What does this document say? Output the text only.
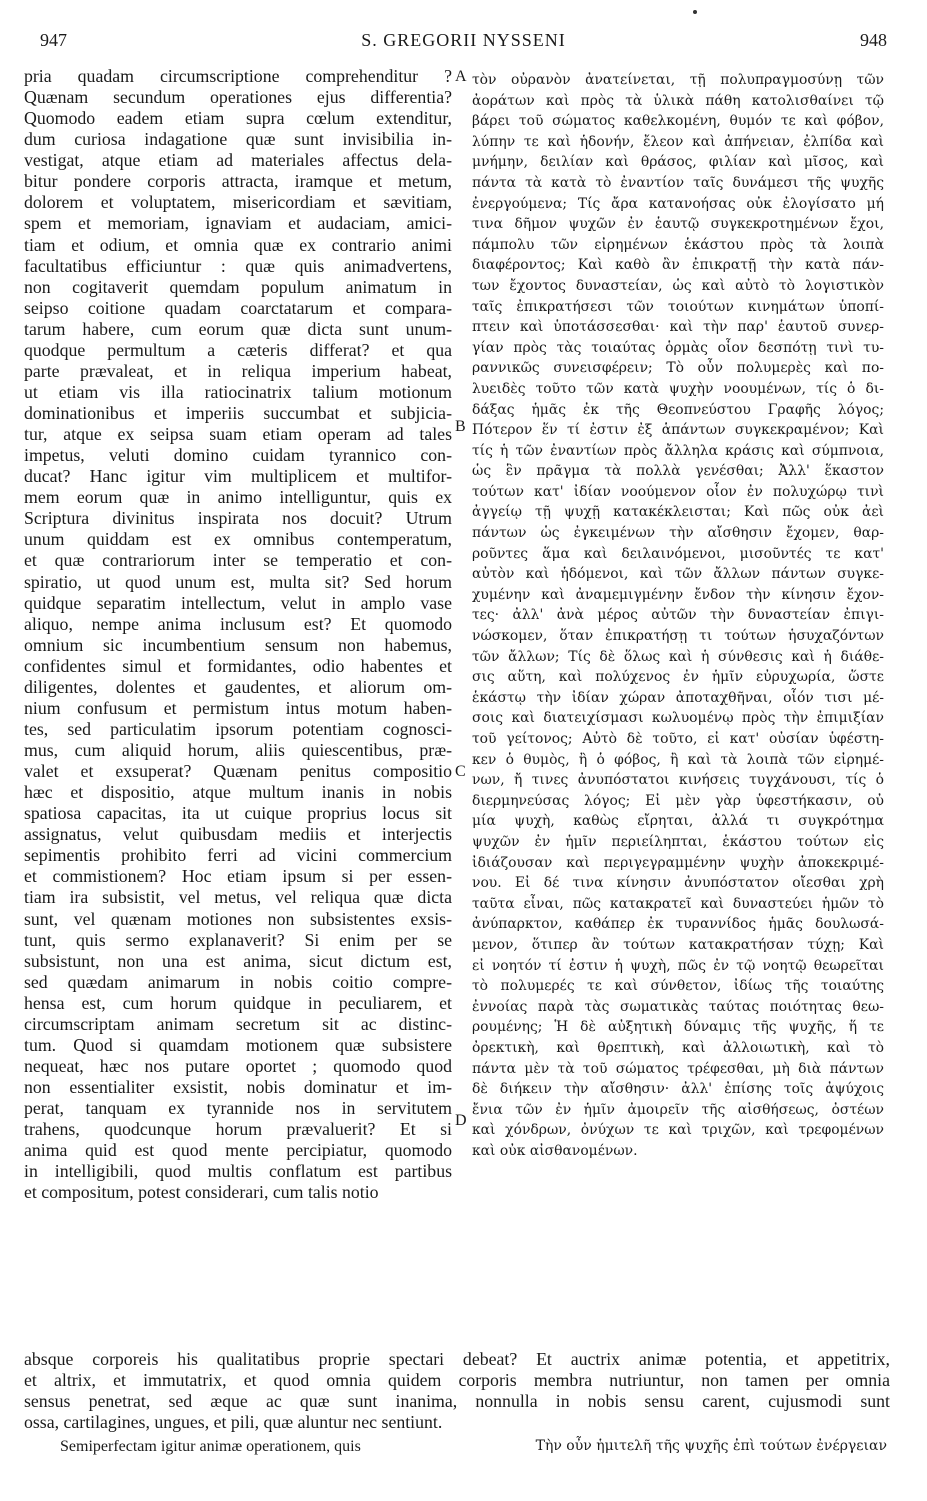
947	S. GREGORII NYSSENI	948
pria quadam circumscriptione comprehenditur ?
Quænam secundum operationes ejus differentia?
Quomodo eadem etiam supra cœlum extenditur,
dum curiosa indagatione quæ sunt invisibilia in-
vestigat, atque etiam ad materiales affectus dela-
bitur pondere corporis attracta, iramque et metum,
dolorem et voluptatem, misericordiam et sævitiam,
spem et memoriam, ignaviam et audaciam, amici-
tiam et odium, et omnia quæ ex contrario animi
facultatibus efficiuntur : quæ quis animadvertens,
non cogitaverit quemdam populum animatum in
seipso coitione quadam coarctatarum et compara-
tarum habere, cum eorum quæ dicta sunt unum-
quodque permultum a cæteris differat? et qua
parte prævaleat, et in reliqua imperium habeat,
ut etiam vis illa ratiocinatrix talium motionum
dominationibus et imperiis succumbat et subjicia-
tur, atque ex seipsa suam etiam operam ad tales
impetus, veluti domino cuidam tyrannico con-
ducat? Hanc igitur vim multiplicem et multifor-
mem eorum quæ in animo intelliguntur, quis ex
Scriptura divinitus inspirata nos docuit? Utrum
unum quiddam est ex omnibus contemperatum,
et quæ contrariorum inter se temperatio et con-
spiratio, ut quod unum est, multa sit? Sed horum
quidque separatim intellectum, velut in amplo vase
aliquo, nempe anima inclusum est? Et quomodo
omnium sic incumbentium sensum non habemus,
confidentes simul et formidantes, odio habentes et
diligentes, dolentes et gaudentes, et aliorum om-
nium confusum et permistum intus motum haben-
tes, sed particulatim ipsorum potentiam cognosci-
mus, cum aliquid horum, aliis quiescentibus, præ-
valet et exsuperat? Quænam penitus compositio
hæc et dispositio, atque multum inanis in nobis
spatiosa capacitas, ita ut cuique proprius locus sit
assignatus, velut quibusdam mediis et interjectis
sepimentis prohibito ferri ad vicini commercium
et commistionem? Hoc etiam ipsum si per essen-
tiam ira subsistit, vel metus, vel reliqua quæ dicta
sunt, vel quænam motiones non subsistentes exsis-
tunt, quis sermo explanaverit? Si enim per se
subsistunt, non una est anima, sicut dictum est,
sed quædam animarum in nobis coitio compre-
hensa est, cum horum quidque in peculiarem, et
circumscriptam animam secretum sit ac distinc-
tum. Quod si quamdam motionem quæ subsistere
nequeat, hæc nos putare oportet ; quomodo quod
non essentialiter exsistit, nobis dominatur et im-
perat, tanquam ex tyrannide nos in servitutem
trahens, quodcunque horum prævaluerit? Et si
anima quid est quod mente percipiatur, quomodo
in intelligibili, quod multis conflatum est partibus
et compositum, potest considerari, cum talis notio
τὸν οὐρανὸν ἀνατείνεται, τῇ πολυπραγμοσύνῃ τῶν
ἀοράτων καὶ πρὸς τὰ ὑλικὰ πάθη κατολισθαίνει τῷ
βάρει τοῦ σώματος καθελκομένη, θυμόν τε καὶ φόβον,
λύπην τε καὶ ἡδονήν, ἔλεον καὶ ἀπήνειαν, ἐλπίδα καὶ
μνήμην, δειλίαν καὶ θράσος, φιλίαν καὶ μῖσος, καὶ
πάντα τὰ κατὰ τὸ ἐναντίον ταῖς δυνάμεσι τῆς ψυχῆς
ἐνεργούμενα; Τίς ἄρα κατανοήσας οὐκ ἐλογίσατο μή
τινα δῆμον ψυχῶν ἐν ἑαυτῷ συγκεκροτημένων ἔχοι,
πάμπολυ τῶν εἰρημένων ἑκάστου πρὸς τὰ λοιπὰ
διαφέροντος; Καὶ καθὸ ἂν ἐπικρατῇ τὴν κατὰ πάν-
των ἔχοντος δυναστείαν, ὡς καὶ αὐτὸ τὸ λογιστικὸν
ταῖς ἐπικρατήσεσι τῶν τοιούτων κινημάτων ὑποπί-
πτειν καὶ ὑποτάσσεσθαι· καὶ τὴν παρ' ἑαυτοῦ συνερ-
γίαν πρὸς τὰς τοιαύτας ὁρμὰς οἷον δεσπότῃ τινὶ τυ-
ραννικῶς συνεισφέρειν; Τὸ οὖν πολυμερὲς καὶ πο-
λυειδὲς τοῦτο τῶν κατὰ ψυχὴν νοουμένων, τίς ὁ δι-
δάξας ἡμᾶς ἐκ τῆς Θεοπνεύστου Γραφῆς λόγος;
Πότερον ἕν τί ἐστιν ἐξ ἁπάντων συγκεκραμένον; Καὶ
τίς ἡ τῶν ἐναντίων πρὸς ἄλληλα κράσις καὶ σύμπνοια,
ὡς ἓν πρᾶγμα τὰ πολλὰ γενέσθαι; Ἀλλ' ἕκαστον
τούτων κατ' ἰδίαν νοούμενον οἷον ἐν πολυχώρῳ τινὶ
ἀγγείῳ τῇ ψυχῇ κατακέκλεισται; Καὶ πῶς οὐκ ἀεὶ
πάντων ὡς ἐγκειμένων τὴν αἴσθησιν ἔχομεν, θαρ-
ροῦντες ἅμα καὶ δειλαινόμενοι, μισοῦντές τε κατ'
αὐτὸν καὶ ἡδόμενοι, καὶ τῶν ἄλλων πάντων συγκε-
χυμένην καὶ ἀναμεμιγμένην ἔνδον τὴν κίνησιν ἔχον-
τες· ἀλλ' ἀνὰ μέρος αὐτῶν τὴν δυναστείαν ἐπιγι-
νώσκομεν, ὅταν ἐπικρατήσῃ τι τούτων ἡσυχαζόντων
τῶν ἄλλων; Τίς δὲ ὅλως καὶ ἡ σύνθεσις καὶ ἡ διάθε-
σις αὕτη, καὶ πολύχενος ἐν ἡμῖν εὐρυχωρία, ὥστε
ἑκάστῳ τὴν ἰδίαν χώραν ἀποταχθῆναι, οἷόν τισι μέ-
σοις καὶ διατειχίσμασι κωλυομένῳ πρὸς τὴν ἐπιμιξίαν
τοῦ γείτονος; Αὐτὸ δὲ τοῦτο, εἰ κατ' οὐσίαν ὑφέστη-
κεν ὁ θυμὸς, ἢ ὁ φόβος, ἢ καὶ τὰ λοιπὰ τῶν εἰρημέ-
νων, ἤ τινες ἀνυπόστατοι κινήσεις τυγχάνουσι, τίς ὁ
διερμηνεύσας λόγος; Εἰ μὲν γὰρ ὑφεστήκασιν, οὐ
μία ψυχὴ, καθὼς εἴρηται, ἀλλά τι συγκρότημα
ψυχῶν ἐν ἡμῖν περιείληπται, ἑκάστου τούτων εἰς
ἰδιάζουσαν καὶ περιγεγραμμένην ψυχὴν ἀποκεκριμέ-
νου. Εἰ δέ τινα κίνησιν ἀνυπόστατον οἴεσθαι χρὴ
ταῦτα εἶναι, πῶς κατακρατεῖ καὶ δυναστεύει ἡμῶν τὸ
ἀνύπαρκτον, καθάπερ ἐκ τυραννίδος ἡμᾶς δουλωσά-
μενον, ὅτιπερ ἂν τούτων κατακρατήσαν τύχῃ; Καὶ
εἰ νοητόν τί ἐστιν ἡ ψυχὴ, πῶς ἐν τῷ νοητῷ θεωρεῖται
τὸ πολυμερές τε καὶ σύνθετον, ἰδίως τῆς τοιαύτης
ἐννοίας παρὰ τὰς σωματικὰς ταύτας ποιότητας θεω-
ρουμένης; Ἡ δὲ αὐξητικὴ δύναμις τῆς ψυχῆς, ἥ τε
ὀρεκτικὴ, καὶ θρεπτικὴ, καὶ ἀλλοιωτικὴ, καὶ τὸ
πάντα μὲν τὰ τοῦ σώματος τρέφεσθαι, μὴ διὰ πάντων
δὲ διήκειν τὴν αἴσθησιν· ἀλλ' ἐπίσης τοῖς ἀψύχοις
ἔνια τῶν ἐν ἡμῖν ἀμοιρεῖν τῆς αἰσθήσεως, ὀστέων
καὶ χόνδρων, ὀνύχων τε καὶ τριχῶν, καὶ τρεφομένων
καὶ οὐκ αἰσθανομένων.
A
B
C
D
absque corporeis his qualitatibus proprie spectari debeat? Et auctrix animæ potentia, et appetitrix,
et altrix, et immutatrix, et quod omnia quidem corporis membra nutriuntur, non tamen per omnia
sensus penetrat, sed æque ac quæ sunt inanima, nonnulla in nobis sensu carent, cujusmodi sunt
ossa, cartilagines, ungues, et pili, quæ aluntur nec sentiunt.
Semiperfectam igitur animæ operationem, quis	Τὴν οὖν ἡμιτελῆ τῆς ψυχῆς ἐπὶ τούτων ἐνέργειαν
